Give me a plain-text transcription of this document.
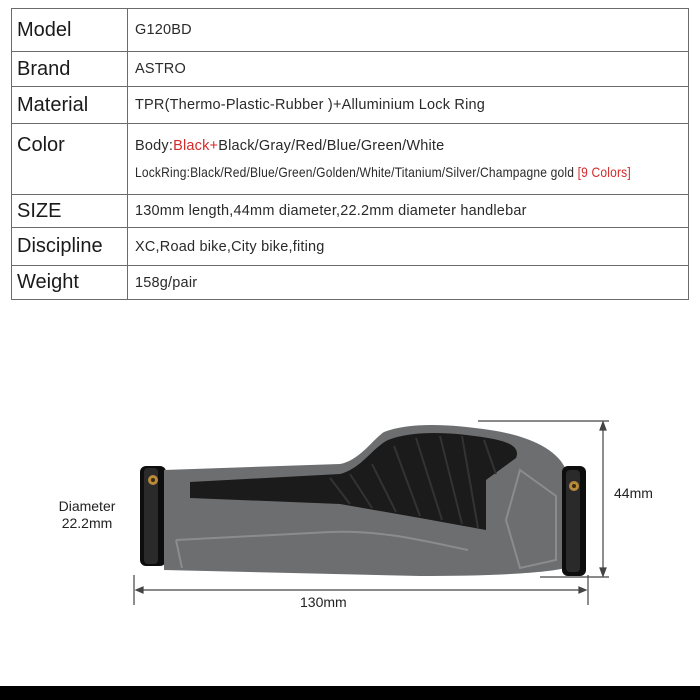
Model	G120BD
Brand	ASTRO
Material	TPR(Thermo-Plastic-Rubber )+Alluminium Lock Ring
Color	Body:Black+Black/Gray/Red/Blue/Green/White
LockRing:Black/Red/Blue/Green/Golden/White/Titanium/Silver/Champagne gold [9 Colors]

SIZE	130mm length,44mm diameter,22.2mm diameter handlebar
Discipline	XC,Road bike,City bike,fiting
Weight	158g/pair
Diameter
22.2mm
130mm
44mm
